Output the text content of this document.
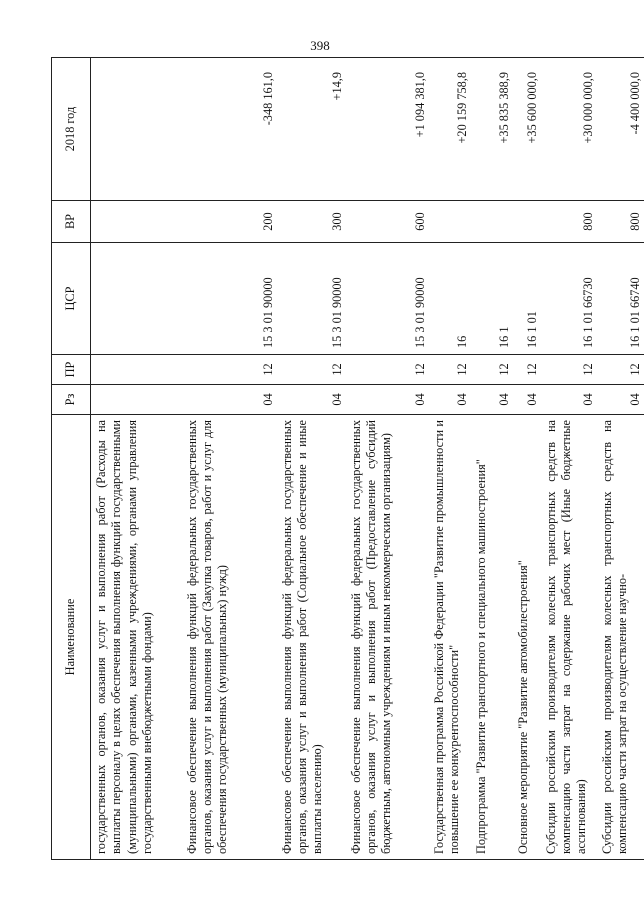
398
Наименование	Рз	ПР	ЦСР	ВР	2018 год
государственных органов, оказания услуг и выполнения работ (Расходы на выплаты персоналу в целях обеспечения выполнения функций государственными (муниципальными) органами, казенными учреждениями, органами управления государственными внебюджетными фондами)					
Финансовое обеспечение выполнения функций федеральных государственных органов, оказания услуг и выполнения работ (Закупка товаров, работ и услуг для обеспечения государственных (муниципальных) нужд)	04	12	15 3 01 90000	200	-348 161,0
Финансовое обеспечение выполнения функций федеральных государственных органов, оказания услуг и выполнения работ (Социальное обеспечение и иные выплаты населению)	04	12	15 3 01 90000	300	+14,9
Финансовое обеспечение выполнения функций федеральных государственных органов, оказания услуг и выполнения работ (Предоставление субсидий бюджетным, автономным учреждениям и иным некоммерческим организациям)	04	12	15 3 01 90000	600	+1 094 381,0
Государственная программа Российской Федерации "Развитие промышленности и повышение ее конкурентоспособности"	04	12	16		+20 159 758,8
Подпрограмма "Развитие транспортного и специального машиностроения"	04	12	16 1		+35 835 388,9
Основное мероприятие "Развитие автомобилестроения"	04	12	16 1 01		+35 600 000,0
Субсидии российским производителям колесных транспортных средств на компенсацию части затрат на содержание рабочих мест (Иные бюджетные ассигнования)	04	12	16 1 01 66730	800	+30 000 000,0
Субсидии российским производителям колесных транспортных средств на компенсацию части затрат на осуществление научно-	04	12	16 1 01 66740	800	-4 400 000,0
